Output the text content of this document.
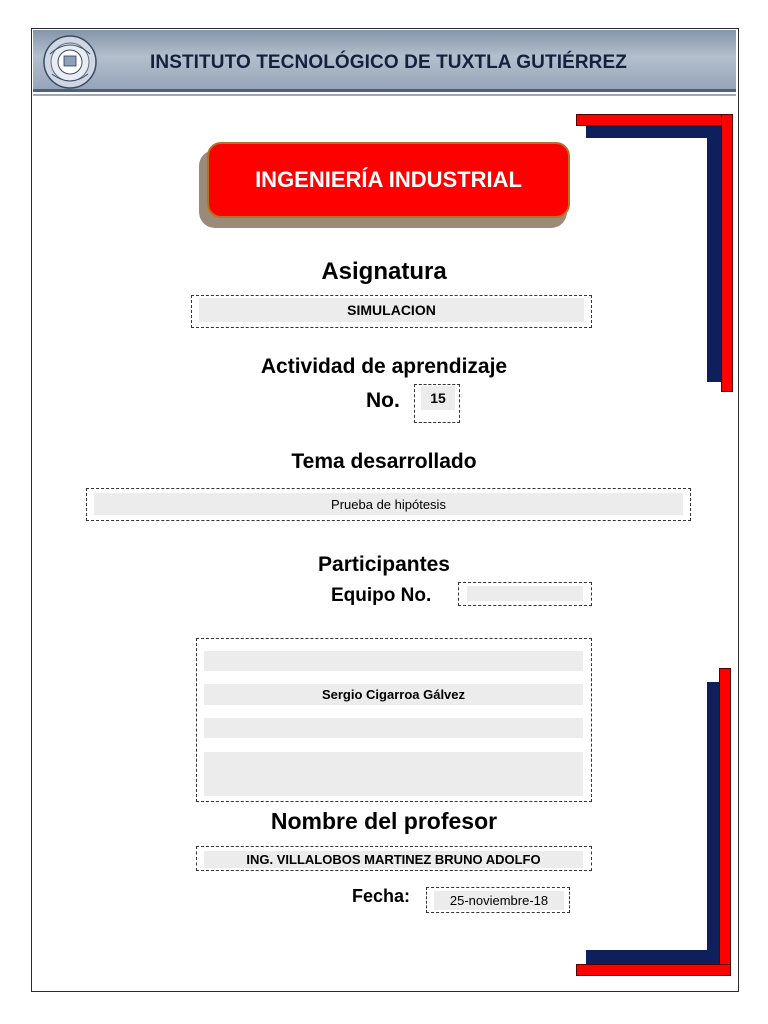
INSTITUTO TECNOLÓGICO DE TUXTLA GUTIÉRREZ
INGENIERÍA INDUSTRIAL
Asignatura
SIMULACION
Actividad de aprendizaje
No.	15
Tema desarrollado
Prueba de hipótesis
Participantes
Equipo No.
Sergio Cigarroa Gálvez
Nombre del profesor
ING. VILLALOBOS MARTINEZ BRUNO ADOLFO
Fecha:	25-noviembre-18
